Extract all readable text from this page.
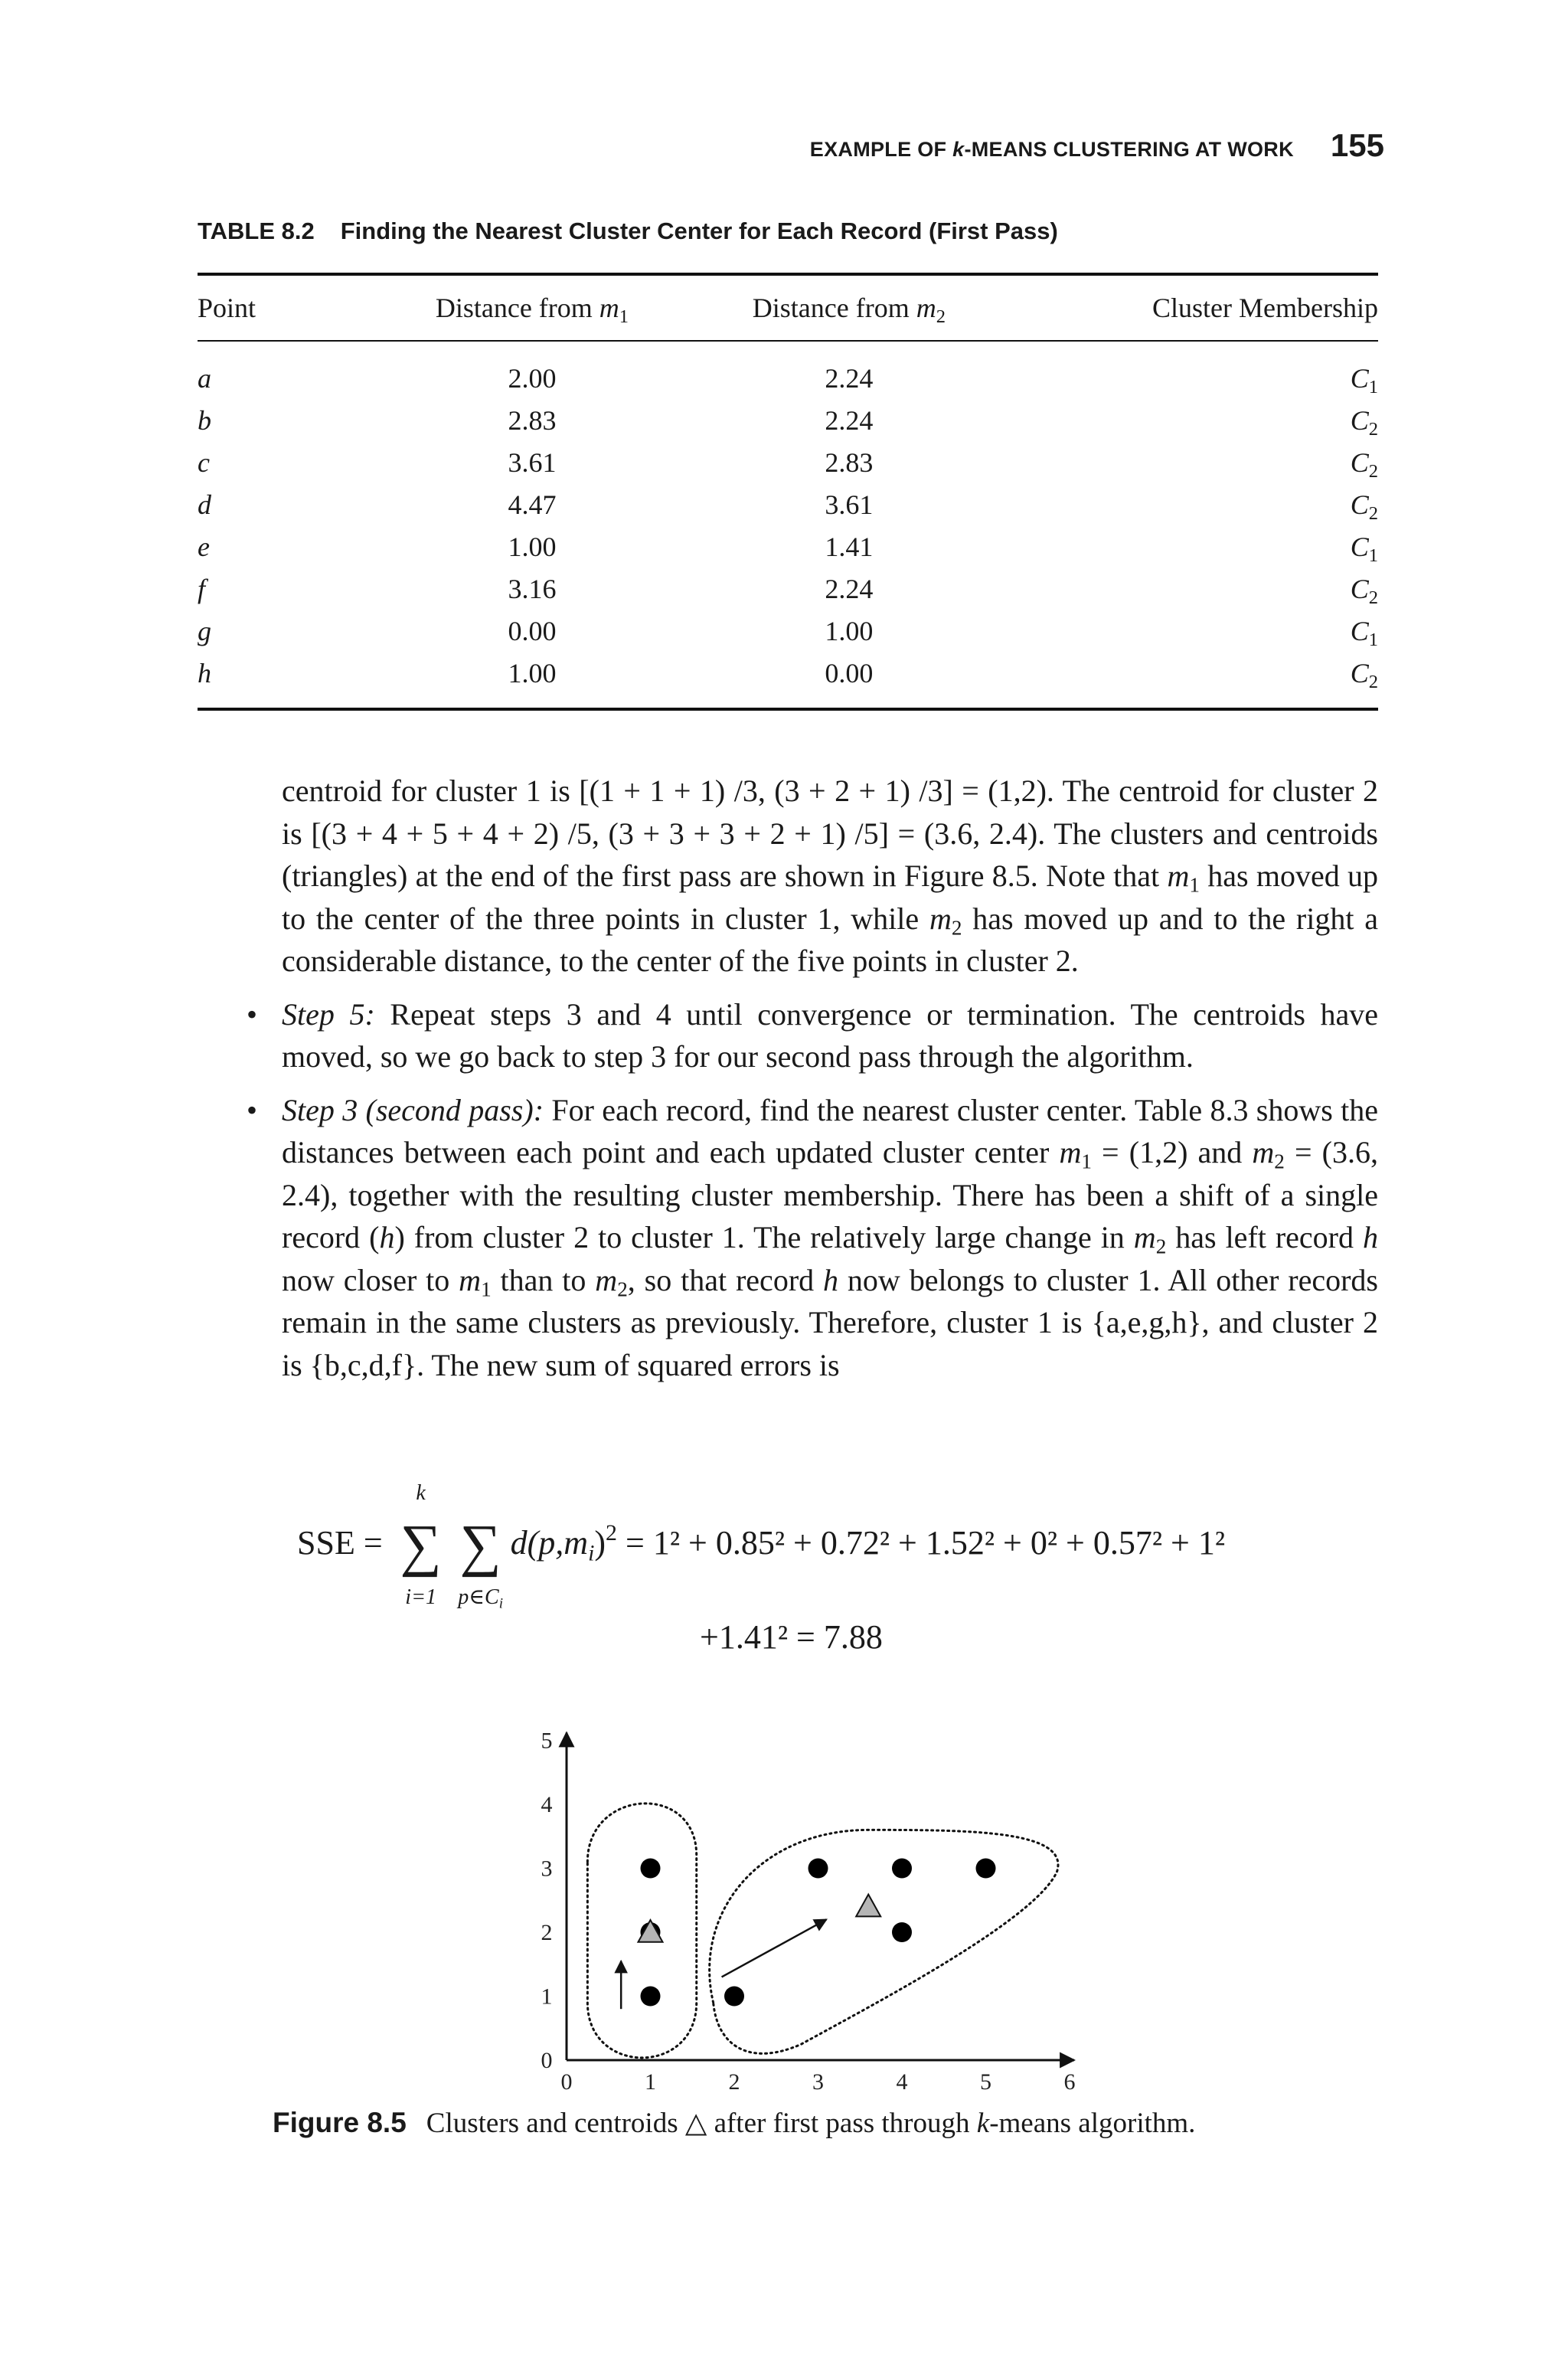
EXAMPLE OF k-MEANS CLUSTERING AT WORK 155
TABLE 8.2 Finding the Nearest Cluster Center for Each Record (First Pass)
Point	Distance from $m_1$	Distance from $m_2$	Cluster Membership
a	2.00	2.24	$C_1$
b	2.83	2.24	$C_2$
c	3.61	2.83	$C_2$
d	4.47	3.61	$C_2$
e	1.00	1.41	$C_1$
f	3.16	2.24	$C_2$
g	0.00	1.00	$C_1$
h	1.00	0.00	$C_2$

centroid for cluster 1 is [(1 + 1 + 1) /3, (3 + 2 + 1) /3] = (1,2). The centroid for cluster 2 is [(3 + 4 + 5 + 4 + 2) /5, (3 + 3 + 3 + 2 + 1) /5] = (3.6, 2.4). The clusters and centroids (triangles) at the end of the first pass are shown in Figure 8.5. Note that $m_1$ has moved up to the center of the three points in cluster 1, while $m_2$ has moved up and to the right a considerable distance, to the center of the five points in cluster 2.

• Step 5: Repeat steps 3 and 4 until convergence or termination. The centroids have moved, so we go back to step 3 for our second pass through the algorithm.

• Step 3 (second pass): For each record, find the nearest cluster center. Table 8.3 shows the distances between each point and each updated cluster center $m_1 = (1,2)$ and $m_2 = (3.6$, 2.4), together with the resulting cluster membership. There has been a shift of a single record (h) from cluster 2 to cluster 1. The relatively large change in $m_2$ has left record h now closer to $m_1$ than to $m_2$, so that record h now belongs to cluster 1. All other records remain in the same clusters as previously. Therefore, cluster 1 is {a,e,g,h}, and cluster 2 is {b,c,d,f}. The new sum of squared errors is

SSE =
k
∑
i=1
∑
$p\in C_i$
$d(p,m_i)^2 = 1^2 + 0.85^2 + 0.72^2 + 1.52^2 + 0^2 + 0.57^2 + 1^2$
+1.41² = 7.88
0	1	2	3	4	5	6
0
1
2
3
4
5
Figure 8.5 Clusters and centroids △ after first pass through k-means algorithm.
